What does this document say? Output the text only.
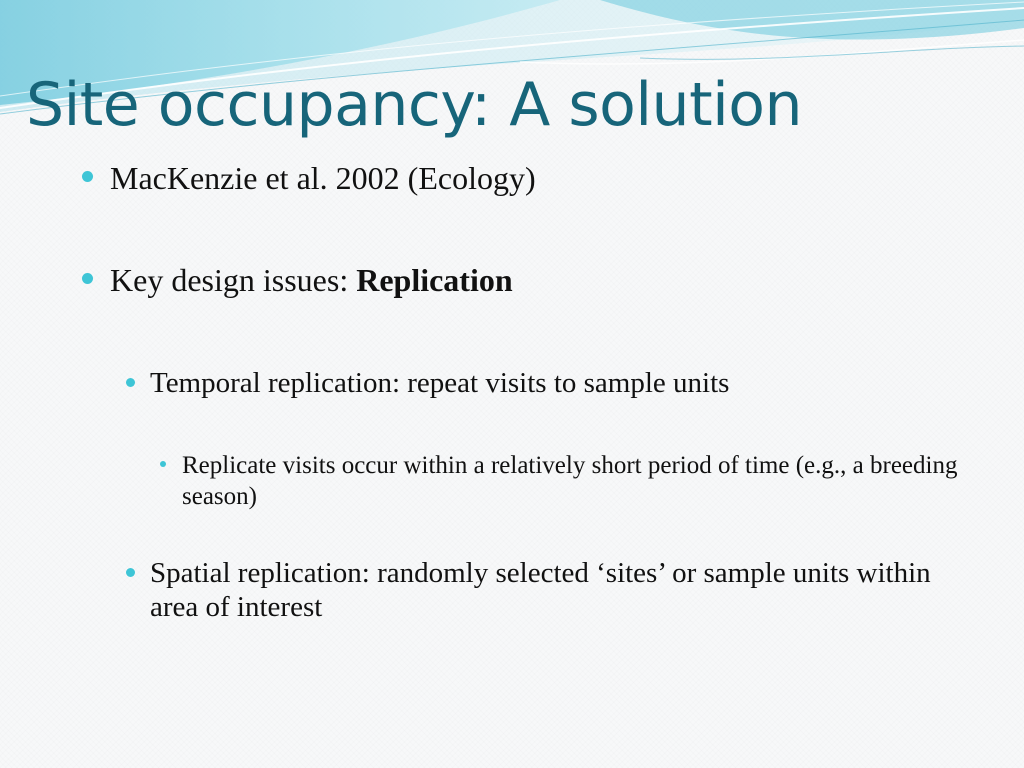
Site occupancy: A solution
MacKenzie et al. 2002 (Ecology)
Key design issues: Replication
Temporal replication: repeat visits to sample units
Replicate visits occur within a relatively short period of time (e.g., a breeding season)
Spatial replication: randomly selected ‘sites’ or sample units within area of interest
